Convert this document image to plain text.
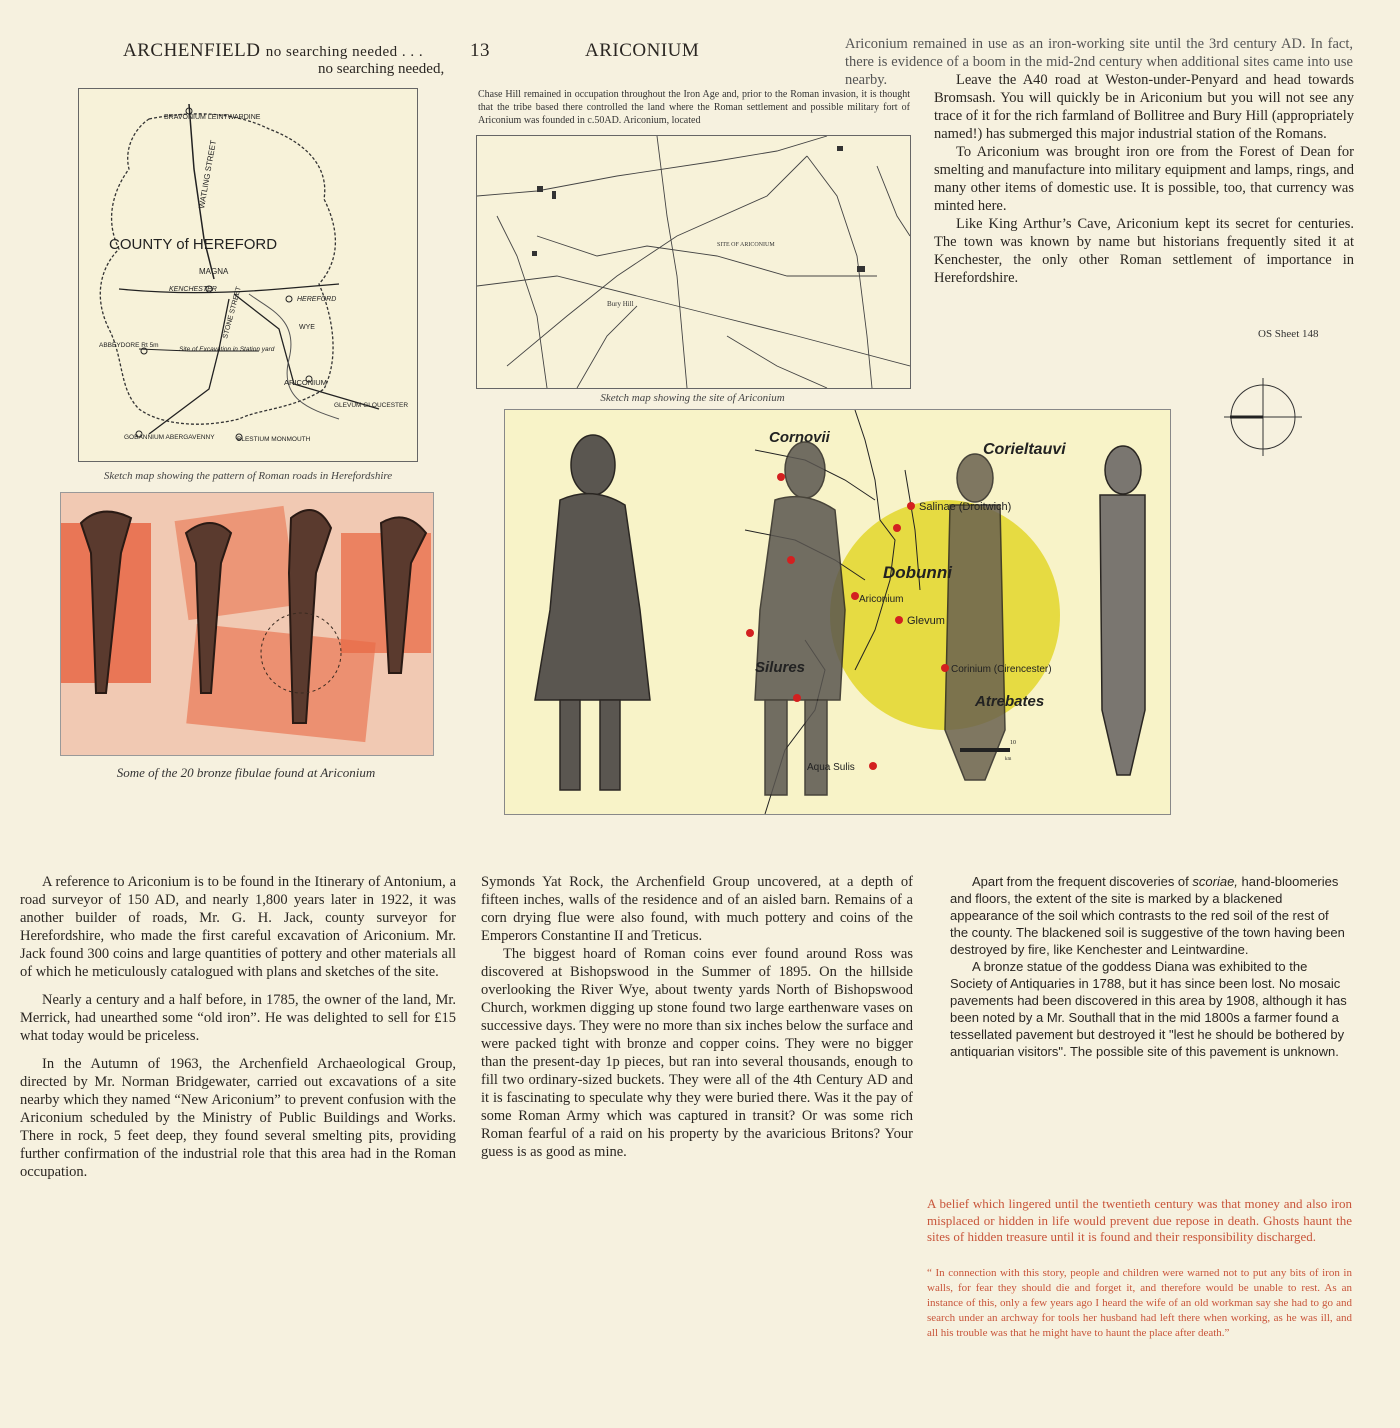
ARCHENFIELD no searching needed . . .
no searching needed,
13	ARICONIUM
COUNTY of HEREFORD
BRAVONIUM LEINTWARDINE
WATLING STREET
MAGNA
KENCHESTER
HEREFORD
STONE STREET	WYE
ABBEYDORE Rt 5m
Site of Excavation in Station yard
ARICONIUM
GLEVUM GLOUCESTER
GOBANNIUM ABERGAVENNY	BLESTIUM MONMOUTH
Sketch map showing the pattern of Roman roads in Herefordshire
Some of the 20 bronze fibulae found at Ariconium
Chase Hill remained in occupation throughout the Iron Age and, prior to the Roman invasion, it is thought that the tribe based there controlled the land where the Roman settlement and possible military fort of Ariconium was founded in c.50AD. Ariconium, located
Bury Hill
SITE OF ARICONIUM
Sketch map showing the site of Ariconium

Ariconium remained in use as an iron-working site until the 3rd century AD. In fact, there is evidence of a boom in the mid-2nd century when additional sites came into use nearby.	Leave the A40 road at Weston-under-Penyard and head towards Bromsash. You will quickly be in Ariconium but you will not see any trace of it for the rich farmland of Bollitree and Bury Hill (appropriately named!) has submerged this major industrial station of the Romans.

To Ariconium was brought iron ore from the Forest of Dean for smelting and manufacture into military equipment and lamps, rings, and many other items of domestic use. It is possible, too, that currency was minted here.

Like King Arthur’s Cave, Ariconium kept its secret for centuries. The town was known by name but historians frequently sited it at Kenchester, the only other Roman settlement of importance in Herefordshire.

OS Sheet 148
Cornovii
Corieltauvi
Salinae (Droitwich)
Dobunni
Ariconium
Glevum
Silures	Corinium (Cirencester)
Atrebates
Aqua Sulis
10
km

A reference to Ariconium is to be found in the Itinerary of Antonium, a road surveyor of 150 AD, and nearly 1,800 years later in 1922, it was another builder of roads, Mr. G. H. Jack, county surveyor for Herefordshire, who made the first careful excavation of Ariconium. Mr. Jack found 300 coins and large quantities of pottery and other materials all of which he meticulously catalogued with plans and sketches of the site.

Nearly a century and a half before, in 1785, the owner of the land, Mr. Merrick, had unearthed some “old iron”. He was delighted to sell for £15 what today would be priceless.

In the Autumn of 1963, the Archenfield Archaeological Group, directed by Mr. Norman Bridgewater, carried out excavations of a site nearby which they named “New Ariconium” to prevent confusion with the Ariconium scheduled by the Ministry of Public Buildings and Works. There in rock, 5 feet deep, they found several smelting pits, providing further confirmation of the industrial role that this area had in the Roman occupation.

Symonds Yat Rock, the Archenfield Group uncovered, at a depth of fifteen inches, walls of the residence and of an aisled barn. Remains of a corn drying flue were also found, with much pottery and coins of the Emperors Constantine II and Treticus.

The biggest hoard of Roman coins ever found around Ross was discovered at Bishopswood in the Summer of 1895. On the hillside overlooking the River Wye, about twenty yards North of Bishopswood Church, workmen digging up stone found two large earthenware vases on successive days. They were no more than six inches below the surface and were packed tight with bronze and copper coins. They were no bigger than the present-day 1p pieces, but ran into several thousands, enough to fill two ordinary-sized buckets. They were all of the 4th Century AD and it is fascinating to speculate why they were buried there. Was it the pay of some Roman Army which was captured in transit? Or was some rich Roman fearful of a raid on his property by the avaricious Britons? Your guess is as good as mine.

Apart from the frequent discoveries of scoriae, hand-bloomeries and floors, the extent of the site is marked by a blackened appearance of the soil which contrasts to the red soil of the rest of the county. The blackened soil is suggestive of the town having been destroyed by fire, like Kenchester and Leintwardine.

A bronze statue of the goddess Diana was exhibited to the Society of Antiquaries in 1788, but it has since been lost. No mosaic pavements had been discovered in this area by 1908, although it has been noted by a Mr. Southall that in the mid 1800s a farmer found a tessellated pavement but destroyed it "lest he should be bothered by antiquarian visitors". The possible site of this pavement is unknown.

A belief which lingered until the twentieth century was that money and also iron misplaced or hidden in life would prevent due repose in death. Ghosts haunt the sites of hidden treasure until it is found and their responsibility discharged.
“ In connection with this story, people and children were warned not to put any bits of iron in walls, for fear they should die and forget it, and therefore would be unable to rest. As an instance of this, only a few years ago I heard the wife of an old workman say she had to go and search under an archway for tools her husband had left there when working, as he was ill, and all his trouble was that he might have to haunt the place after death.”
